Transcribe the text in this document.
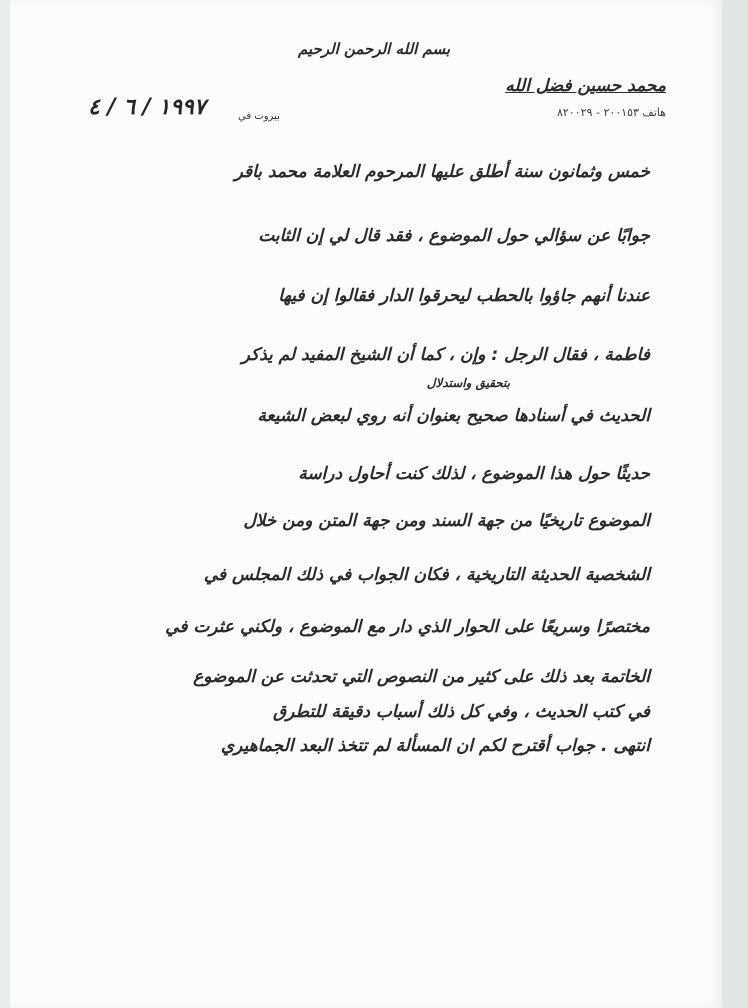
بسم الله الرحمن الرحيم
محمد حسين فضل الله
هاتف ٢٠٠١٥٣ - ٨٢٠٠٢٩
١٩٩٧ / ٦ / ٤	بيروت في
خمس وثمانون سنة أطلق عليها المرحوم العلامة محمد باقر
جوابًا عن سؤالي حول الموضوع ، فقد قال لي إن الثابت
عندنا أنهم جاؤوا بالحطب ليحرقوا الدار فقالوا إن فيها
فاطمة ، فقال الرجل : وإن ، كما أن الشيخ المفيد لم يذكر
بتحقيق واستدلال
الحديث في أسنادها صحيح بعنوان أنه روي لبعض الشيعة
حديثًا حول هذا الموضوع ، لذلك كنت أحاول دراسة
الموضوع تاريخيًا من جهة السند ومن جهة المتن ومن خلال
الشخصية الحديثة التاريخية ، فكان الجواب في ذلك المجلس في
مختصرًا وسريعًا على الحوار الذي دار مع الموضوع ، ولكني عثرت في
الخاتمة بعد ذلك على كثير من النصوص التي تحدثت عن الموضوع
في كتب الحديث ، وفي كل ذلك أسباب دقيقة للتطرق
انتهى . جواب أقترح لكم ان المسألة لم تتخذ البعد الجماهيري
